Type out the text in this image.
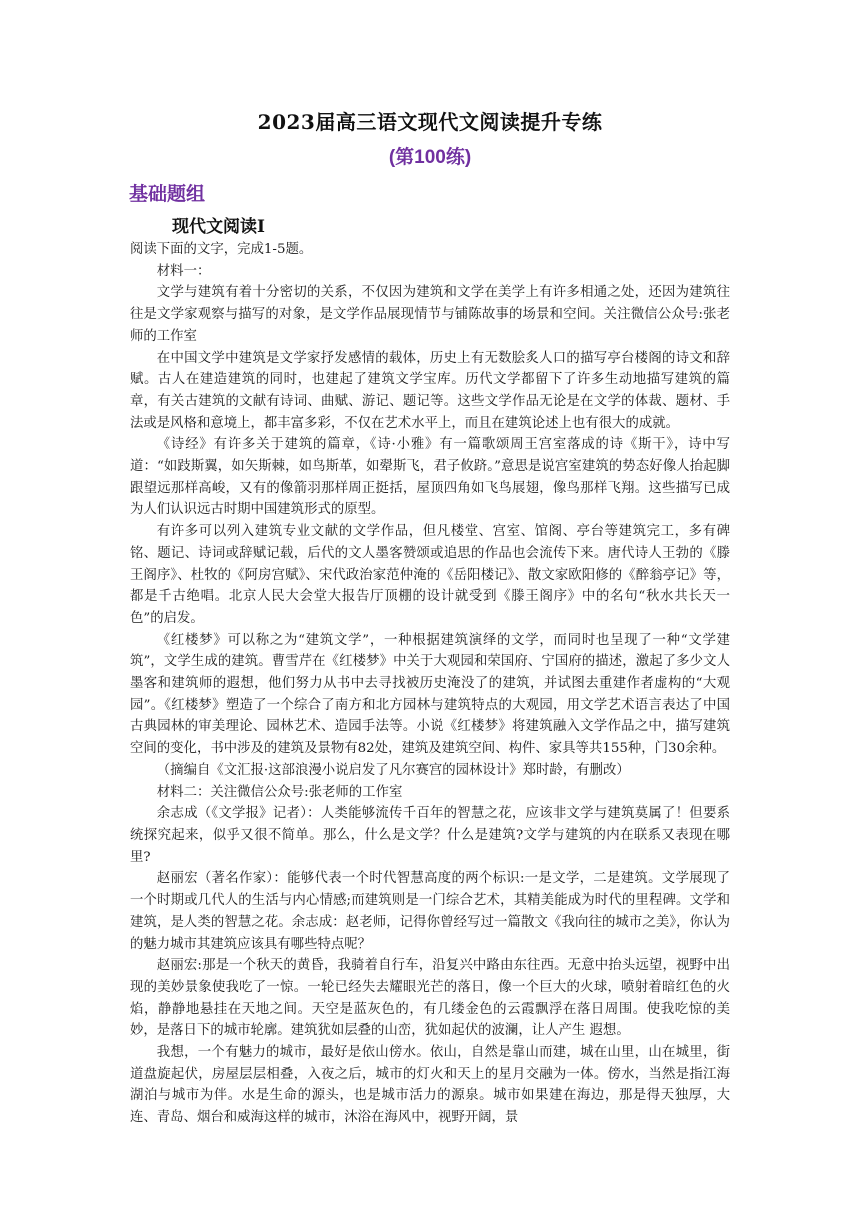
2023届高三语文现代文阅读提升专练
(第100练)
基础题组
现代文阅读Ⅰ

阅读下面的文字，完成1-5题。

材料一：

文学与建筑有着十分密切的关系，不仅因为建筑和文学在美学上有许多相通之处，还因为建筑往往是文学家观察与描写的对象，是文学作品展现情节与铺陈故事的场景和空间。关注微信公众号:张老师的工作室

在中国文学中建筑是文学家抒发感情的载体，历史上有无数脍炙人口的描写亭台楼阁的诗文和辞赋。古人在建造建筑的同时，也建起了建筑文学宝库。历代文学都留下了许多生动地描写建筑的篇章，有关古建筑的文献有诗词、曲赋、游记、题记等。这些文学作品无论是在文学的体裁、题材、手法或是风格和意境上，都丰富多彩，不仅在艺术水平上，而且在建筑论述上也有很大的成就。

《诗经》有许多关于建筑的篇章，《诗·小雅》有一篇歌颂周王宫室落成的诗《斯干》，诗中写道：“如跂斯翼，如矢斯棘，如鸟斯革，如翚斯飞，君子攸跻。”意思是说宫室建筑的势态好像人抬起脚跟望远那样高峻，又有的像箭羽那样周正挺括，屋顶四角如飞鸟展翅，像鸟那样飞翔。这些描写已成为人们认识远古时期中国建筑形式的原型。

有许多可以列入建筑专业文献的文学作品，但凡楼堂、宫室、馆阁、亭台等建筑完工，多有碑铭、题记、诗词或辞赋记载，后代的文人墨客赞颂或追思的作品也会流传下来。唐代诗人王勃的《滕王阁序》、杜牧的《阿房宫赋》、宋代政治家范仲淹的《岳阳楼记》、散文家欧阳修的《醉翁亭记》等，都是千古绝唱。北京人民大会堂大报告厅顶棚的设计就受到《滕王阁序》中的名句“秋水共长天一色”的启发。

《红楼梦》可以称之为“建筑文学”，一种根据建筑演绎的文学，而同时也呈现了一种“文学建筑”，文学生成的建筑。曹雪芹在《红楼梦》中关于大观园和荣国府、宁国府的描述，激起了多少文人墨客和建筑师的遐想，他们努力从书中去寻找被历史淹没了的建筑，并试图去重建作者虚构的“大观园”。《红楼梦》塑造了一个综合了南方和北方园林与建筑特点的大观园，用文学艺术语言表达了中国古典园林的审美理论、园林艺术、造园手法等。小说《红楼梦》将建筑融入文学作品之中，描写建筑空间的变化，书中涉及的建筑及景物有82处，建筑及建筑空间、构件、家具等共155种，门30余种。

（摘编自《文汇报·这部浪漫小说启发了凡尔赛宫的园林设计》郑时龄，有删改）

材料二：关注微信公众号:张老师的工作室

余志成（《文学报》记者）：人类能够流传千百年的智慧之花，应该非文学与建筑莫属了！但要系统探究起来，似乎又很不简单。那么，什么是文学？什么是建筑?文学与建筑的内在联系又表现在哪里?

赵丽宏（著名作家）：能够代表一个时代智慧高度的两个标识:一是文学，二是建筑。文学展现了一个时期或几代人的生活与内心情感;而建筑则是一门综合艺术，其精美能成为时代的里程碑。文学和建筑，是人类的智慧之花。余志成：赵老师，记得你曾经写过一篇散文《我向往的城市之美》，你认为的魅力城市其建筑应该具有哪些特点呢？

赵丽宏:那是一个秋天的黄昏，我骑着自行车，沿复兴中路由东往西。无意中抬头远望，视野中出现的美妙景象使我吃了一惊。一轮已经失去耀眼光芒的落日，像一个巨大的火球，喷射着暗红色的火焰，静静地悬挂在天地之间。天空是蓝灰色的，有几缕金色的云霞飘浮在落日周围。使我吃惊的美妙，是落日下的城市轮廓。建筑犹如层叠的山峦，犹如起伏的波澜，让人产生 遐想。

我想，一个有魅力的城市，最好是依山傍水。依山，自然是靠山而建，城在山里，山在城里，街道盘旋起伏，房屋层层相叠，入夜之后，城市的灯火和天上的星月交融为一体。傍水，当然是指江海湖泊与城市为伴。水是生命的源头，也是城市活力的源泉。城市如果建在海边，那是得天独厚，大连、青岛、烟台和威海这样的城市，沐浴在海风中，视野开阔，景
